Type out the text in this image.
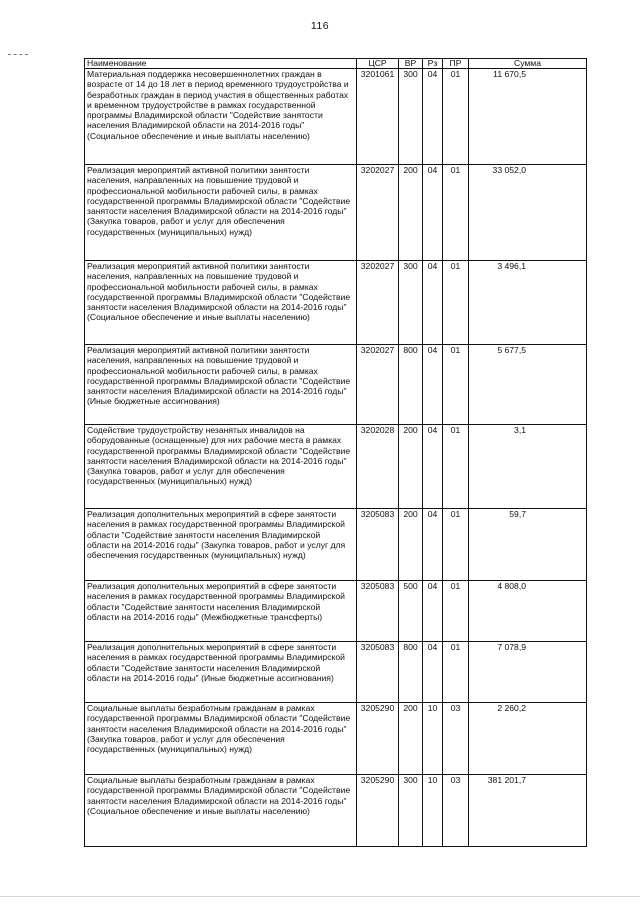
116
Наименование	ЦСР	ВР	Рз	ПР	Сумма
Материальная поддержка несовершеннолетних граждан в возрасте от 14 до 18 лет в период временного трудоустройства и безработных граждан в период участия в общественных работах и временном трудоустройстве в рамках государственной программы Владимирской области "Содействие занятости населения Владимирской области на 2014-2016 годы" (Социальное обеспечение и иные выплаты населению)	3201061	300	04	01	11 670,5
Реализация мероприятий активной политики занятости населения, направленных на повышение трудовой и профессиональной мобильности рабочей силы, в рамках государственной программы Владимирской области "Содействие занятости населения Владимирской области на 2014-2016 годы" (Закупка товаров, работ и услуг для обеспечения государственных (муниципальных) нужд)	3202027	200	04	01	33 052,0
Реализация мероприятий активной политики занятости населения, направленных на повышение трудовой и профессиональной мобильности рабочей силы, в рамках государственной программы Владимирской области "Содействие занятости населения Владимирской области на 2014-2016 годы" (Социальное обеспечение и иные выплаты населению)	3202027	300	04	01	3 496,1
Реализация мероприятий активной политики занятости населения, направленных на повышение трудовой и профессиональной мобильности рабочей силы, в рамках государственной программы Владимирской области "Содействие занятости населения Владимирской области на 2014-2016 годы" (Иные бюджетные ассигнования)	3202027	800	04	01	5 677,5
Содействие трудоустройству незанятых инвалидов на оборудованные (оснащенные) для них рабочие места в рамках государственной программы Владимирской области "Содействие занятости населения Владимирской области на 2014-2016 годы" (Закупка товаров, работ и услуг для обеспечения государственных (муниципальных) нужд)	3202028	200	04	01	3,1
Реализация дополнительных мероприятий в сфере занятости населения в рамках государственной программы Владимирской области "Содействие занятости населения Владимирской области на 2014-2016 годы" (Закупка товаров, работ и услуг для обеспечения государственных (муниципальных) нужд)	3205083	200	04	01	59,7
Реализация дополнительных мероприятий в сфере занятости населения в рамках государственной программы Владимирской области "Содействие занятости населения Владимирской области на 2014-2016 годы" (Межбюджетные трансферты)	3205083	500	04	01	4 808,0
Реализация дополнительных мероприятий в сфере занятости населения в рамках государственной программы Владимирской области "Содействие занятости населения Владимирской области на 2014-2016 годы" (Иные бюджетные ассигнования)	3205083	800	04	01	7 078,9
Социальные выплаты безработным гражданам в рамках государственной программы Владимирской области "Содействие занятости населения Владимирской области на 2014-2016 годы" (Закупка товаров, работ и услуг для обеспечения государственных (муниципальных) нужд)	3205290	200	10	03	2 260,2
Социальные выплаты безработным гражданам в рамках государственной программы Владимирской области "Содействие занятости населения Владимирской области на 2014-2016 годы" (Социальное обеспечение и иные выплаты населению)	3205290	300	10	03	381 201,7
